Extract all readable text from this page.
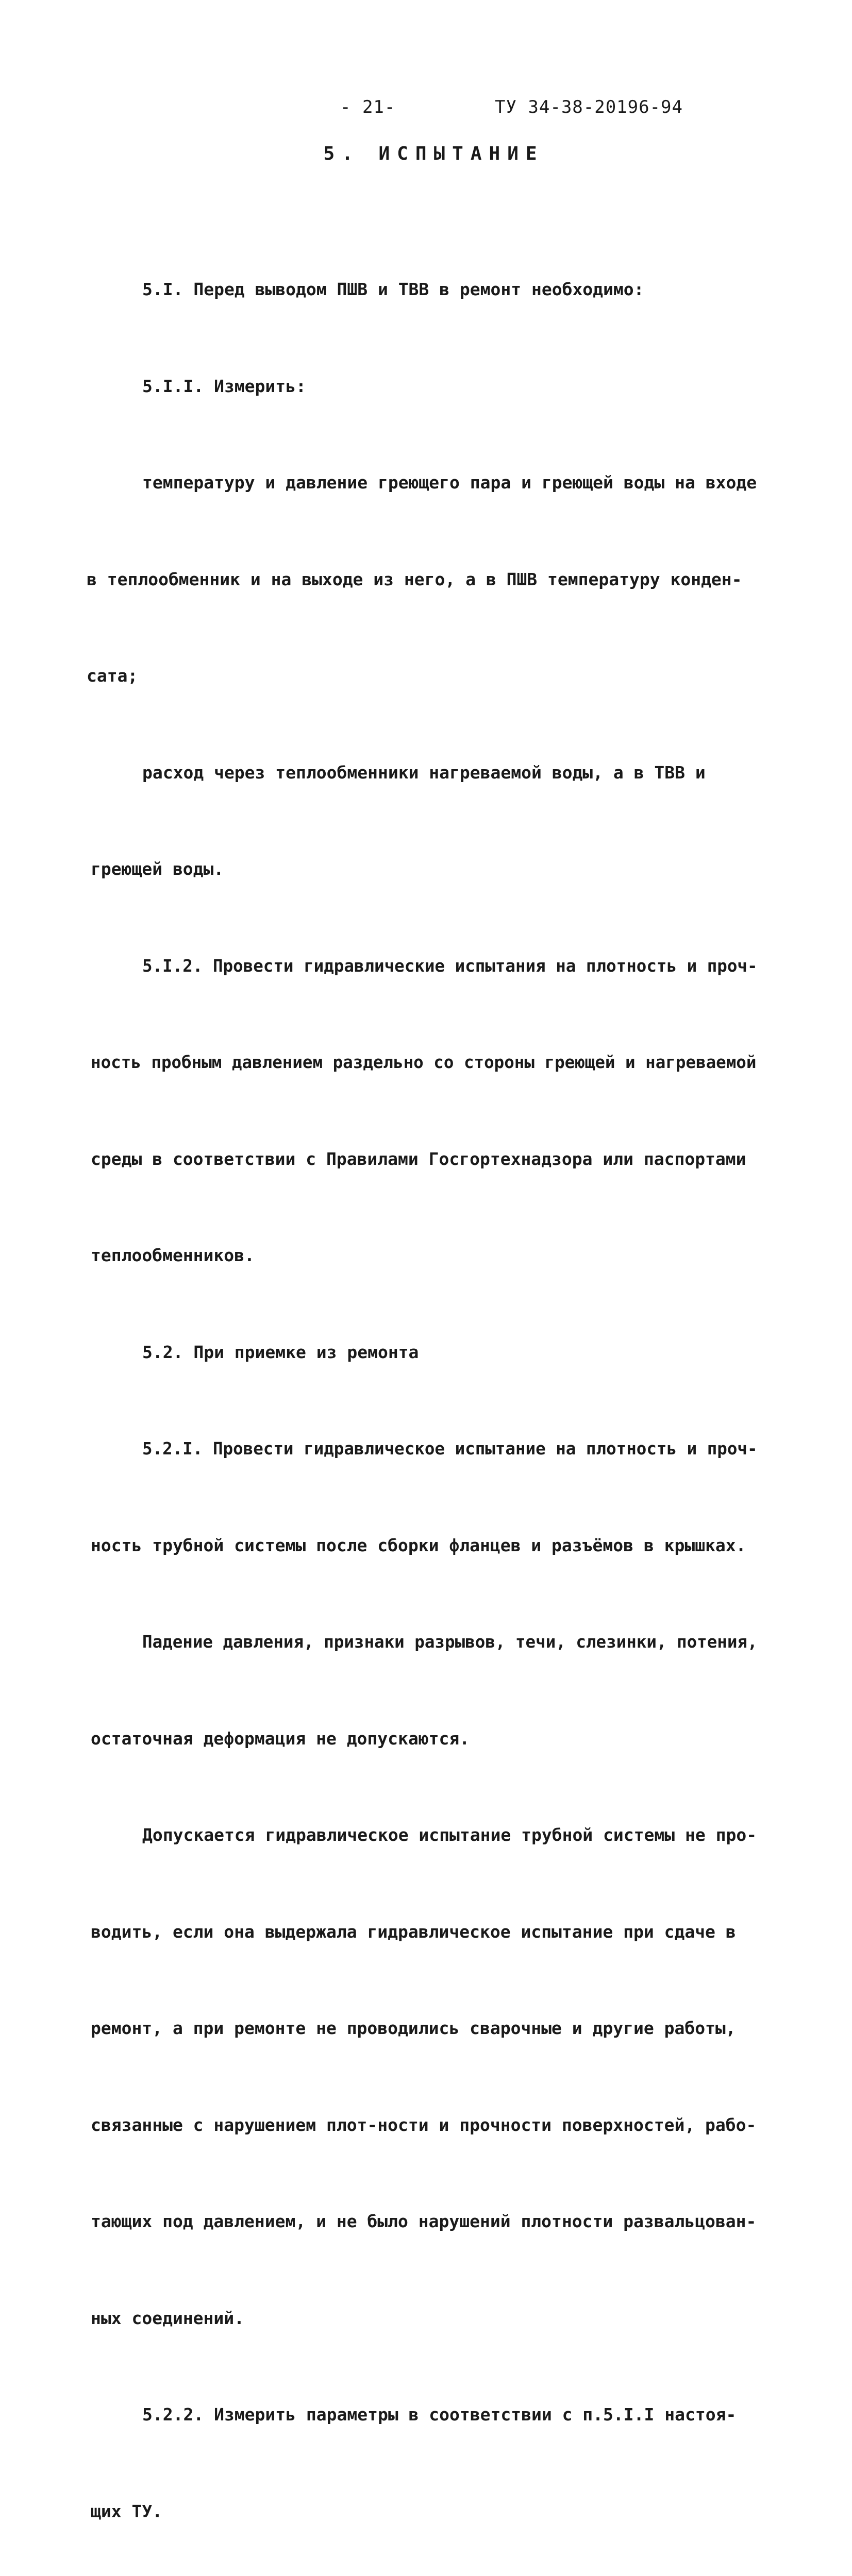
- 21-	ТУ 34-38-20196-94
5. ИСПЫТАНИЕ

5.I. Перед выводом ПШВ и ТВВ в ремонт необходимо:

5.I.I. Измерить:

температуру и давление греющего пара и греющей воды на входе

в теплообменник и на выходе из него, а в ПШВ температуру конден-

сата;

расход через теплообменники нагреваемой воды, а в ТВВ и

греющей воды.

5.I.2. Провести гидравлические испытания на плотность и проч-

ность пробным давлением раздельно со стороны греющей и нагреваемой

среды в соответствии с Правилами Госгортехнадзора или паспортами

теплообменников.

5.2. При приемке из ремонта

5.2.I. Провести гидравлическое испытание на плотность и проч-

ность трубной системы после сборки фланцев и разъёмов в крышках.

Падение давления, признаки разрывов, течи, слезинки, потения,

остаточная деформация не допускаются.

Допускается гидравлическое испытание трубной системы не про-

водить, если она выдержала гидравлическое испытание при сдаче в

ремонт, а при ремонте не проводились сварочные и другие работы,

связанные с нарушением плот-ности и прочности поверхностей, рабо-

тающих под давлением, и не было нарушений плотности развальцован-

ных соединений.

5.2.2. Измерить параметры в соответствии с п.5.I.I настоя-

щих ТУ.
